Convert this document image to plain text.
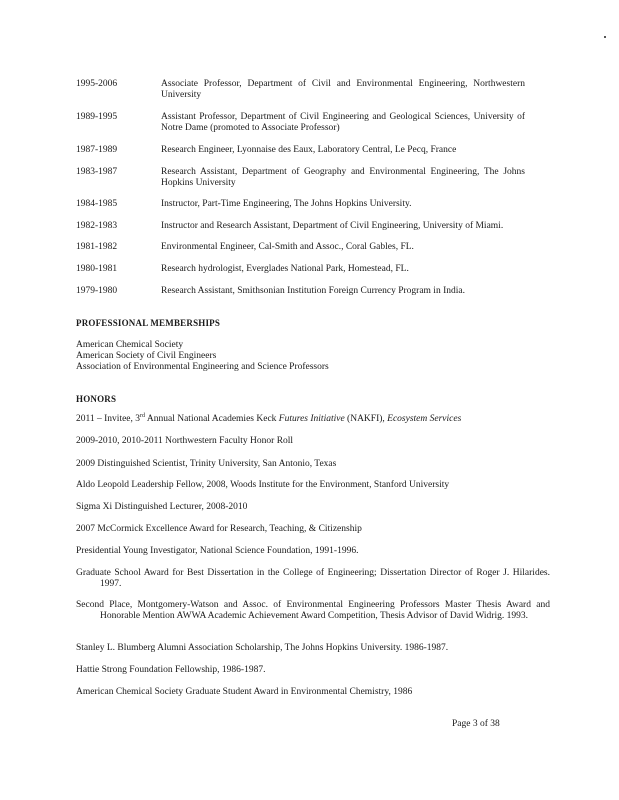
1995-2006	Associate Professor, Department of Civil and Environmental Engineering, Northwestern University
1989-1995	Assistant Professor, Department of Civil Engineering and Geological Sciences, University of Notre Dame (promoted to Associate Professor)
1987-1989	Research Engineer, Lyonnaise des Eaux, Laboratory Central, Le Pecq, France
1983-1987	Research Assistant, Department of Geography and Environmental Engineering, The Johns Hopkins University
1984-1985	Instructor, Part-Time Engineering, The Johns Hopkins University.
1982-1983	Instructor and Research Assistant, Department of Civil Engineering, University of Miami.
1981-1982	Environmental Engineer, Cal-Smith and Assoc., Coral Gables, FL.
1980-1981	Research hydrologist, Everglades National Park, Homestead, FL.
1979-1980	Research Assistant, Smithsonian Institution Foreign Currency Program in India.
PROFESSIONAL MEMBERSHIPS
American Chemical Society
American Society of Civil Engineers
Association of Environmental Engineering and Science Professors
HONORS
2011 – Invitee, 3rd Annual National Academies Keck Futures Initiative (NAKFI), Ecosystem Services
2009-2010, 2010-2011 Northwestern Faculty Honor Roll
2009 Distinguished Scientist, Trinity University, San Antonio, Texas
Aldo Leopold Leadership Fellow, 2008, Woods Institute for the Environment, Stanford University
Sigma Xi Distinguished Lecturer, 2008-2010
2007 McCormick Excellence Award for Research, Teaching, & Citizenship
Presidential Young Investigator, National Science Foundation, 1991-1996.
Graduate School Award for Best Dissertation in the College of Engineering; Dissertation Director of Roger J. Hilarides. 1997.
Second Place, Montgomery-Watson and Assoc. of Environmental Engineering Professors Master Thesis Award and Honorable Mention AWWA Academic Achievement Award Competition, Thesis Advisor of David Widrig. 1993.
Stanley L. Blumberg Alumni Association Scholarship, The Johns Hopkins University. 1986-1987.
Hattie Strong Foundation Fellowship, 1986-1987.
American Chemical Society Graduate Student Award in Environmental Chemistry, 1986
Page 3 of 38
